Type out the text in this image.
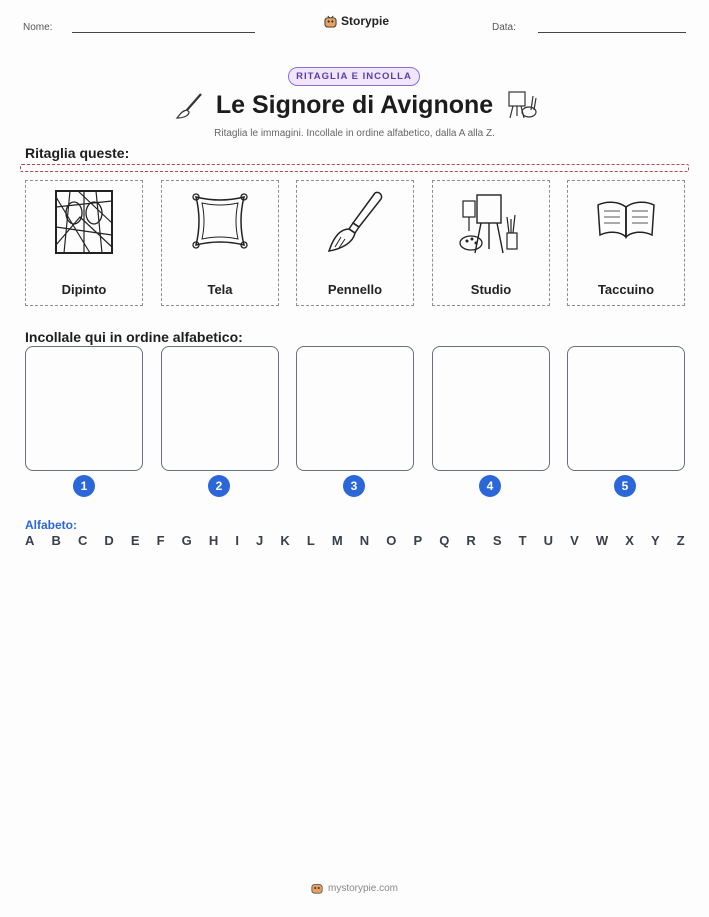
Nome:	Storypie	Data:
RITAGLIA E INCOLLA
Le Signore di Avignone
Ritaglia le immagini. Incollale in ordine alfabetico, dalla A alla Z.
Ritaglia queste:
Dipinto	Tela	Pennello	Studio	Taccuino
Incollale qui in ordine alfabetico:
1	2	3	4	5
Alfabeto:
A B C D E F G H I J K L M N O P Q R S T U V W X Y Z
mystorypie.com
